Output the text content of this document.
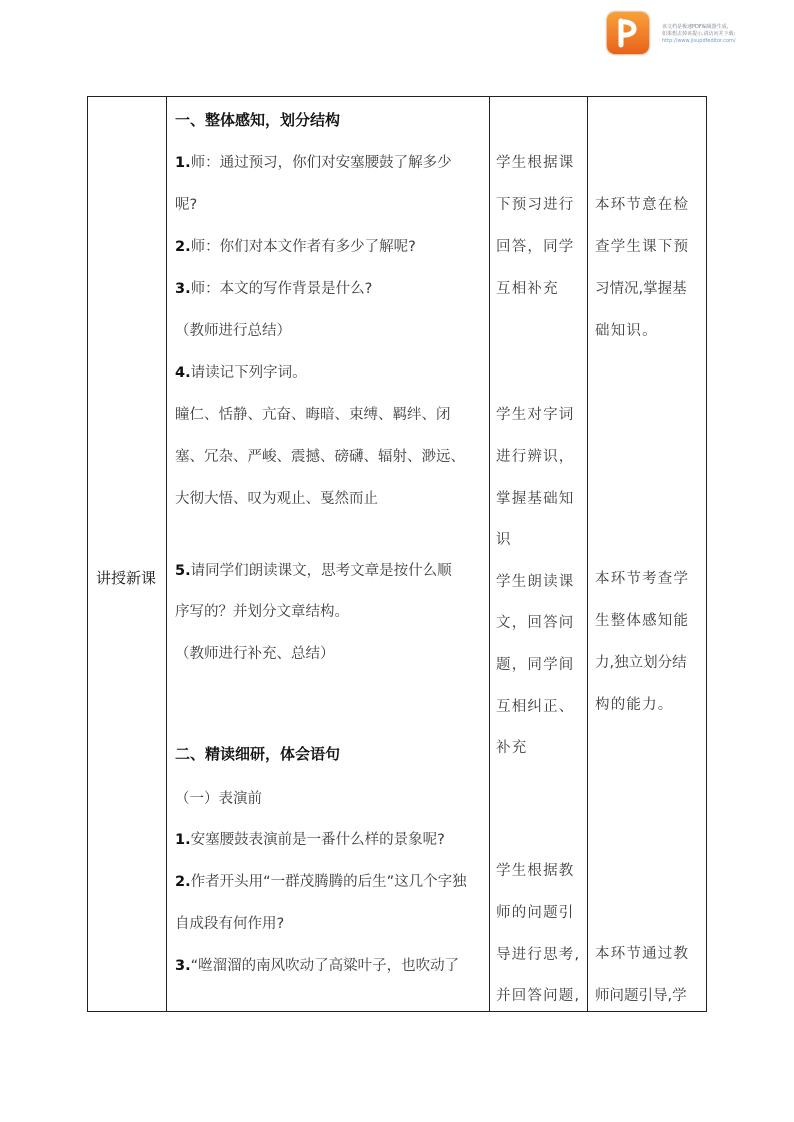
该文档是极速PDF编辑器生成,
如果想去掉该提示,请访问并下载:
http://www.jisupdfeditor.com/
讲授新课
一、整体感知，划分结构
1.师：通过预习，你们对安塞腰鼓了解多少
呢?
2.师：你们对本文作者有多少了解呢?
3.师：本文的写作背景是什么?
（教师进行总结）
4.请读记下列字词。
瞳仁、恬静、亢奋、晦暗、束缚、羁绊、闭
塞、冗杂、严峻、震撼、磅礴、辐射、渺远、
大彻大悟、叹为观止、戛然而止
5.请同学们朗读课文，思考文章是按什么顺
序写的？并划分文章结构。
（教师进行补充、总结）
二、精读细研，体会语句
（一）表演前
1.安塞腰鼓表演前是一番什么样的景象呢?
2.作者开头用“一群茂腾腾的后生”这几个字独
自成段有何作用?
3.“咝溜溜的南风吹动了高粱叶子，也吹动了
学生根据课
下预习进行
回答，同学
互相补充
学生对字词
进行辨识，
掌握基础知
识
学生朗读课
文，回答问
题，同学间
互相纠正、
补充
学生根据教
师的问题引
导进行思考,
并回答问题,
本环节意在检
查学生课下预
习情况,掌握基
础知识。
本环节考查学
生整体感知能
力,独立划分结
构的能力。
本环节通过教
师问题引导,学
